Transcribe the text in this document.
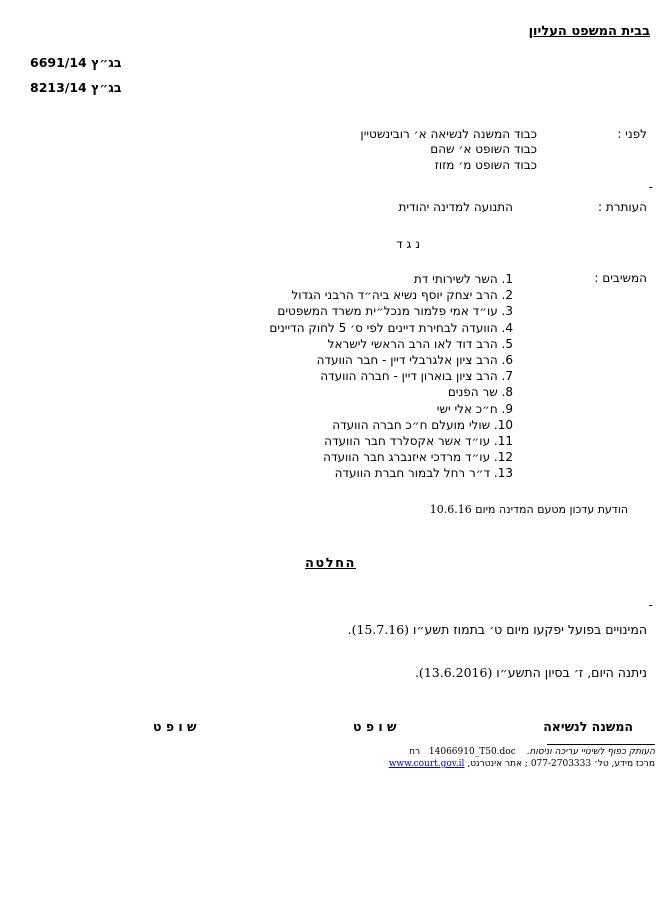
בבית המשפט העליון
בג״ץ 6691/14
בג״ץ 8213/14
לפני :
כבוד המשנה לנשיאה א׳ רובינשטיין
כבוד השופט א׳ שהם
כבוד השופט מ׳ מזוז
-
העותרת :
התנועה למדינה יהודית
נ ג ד
המשיבים :
1. השר לשירותי דת
2. הרב יצחק יוסף נשיא ביה״ד הרבני הגדול
3. עו״ד אמי פלמור מנכל״ית משרד המשפטים
4. הוועדה לבחירת דיינים לפי ס׳ 5 לחוק הדיינים
5. הרב דוד לאו הרב הראשי לישראל
6. הרב ציון אלגרבלי דיין - חבר הוועדה
7. הרב ציון בוארון דיין - חברה הוועדה
8. שר הפנים
9. ח״כ אלי ישי
10. שולי מועלם ח״כ חברה הוועדה
11. עו״ד אשר אקסלרד חבר הוועדה
12. עו״ד מרדכי איזנברג חבר הוועדה
13. ד״ר רחל לבמור חברת הוועדה
הודעת עדכון מטעם המדינה מיום 10.6.16
החלטה
-
המינויים בפועל יפקעו מיום ט׳ בתמוז תשע״ו (15.7.16).
ניתנה היום, ז׳ בסיון התשע״ו (13.6.2016).
המשנה לנשיאה
ש ו פ ט
ש ו פ ט
העותק כפוף לשינויי עריכה וניסוח. 14066910_T50.doc רח
מרכז מידע, טל׳ 077-2703333 ; אתר אינטרנט, www.court.gov.il
